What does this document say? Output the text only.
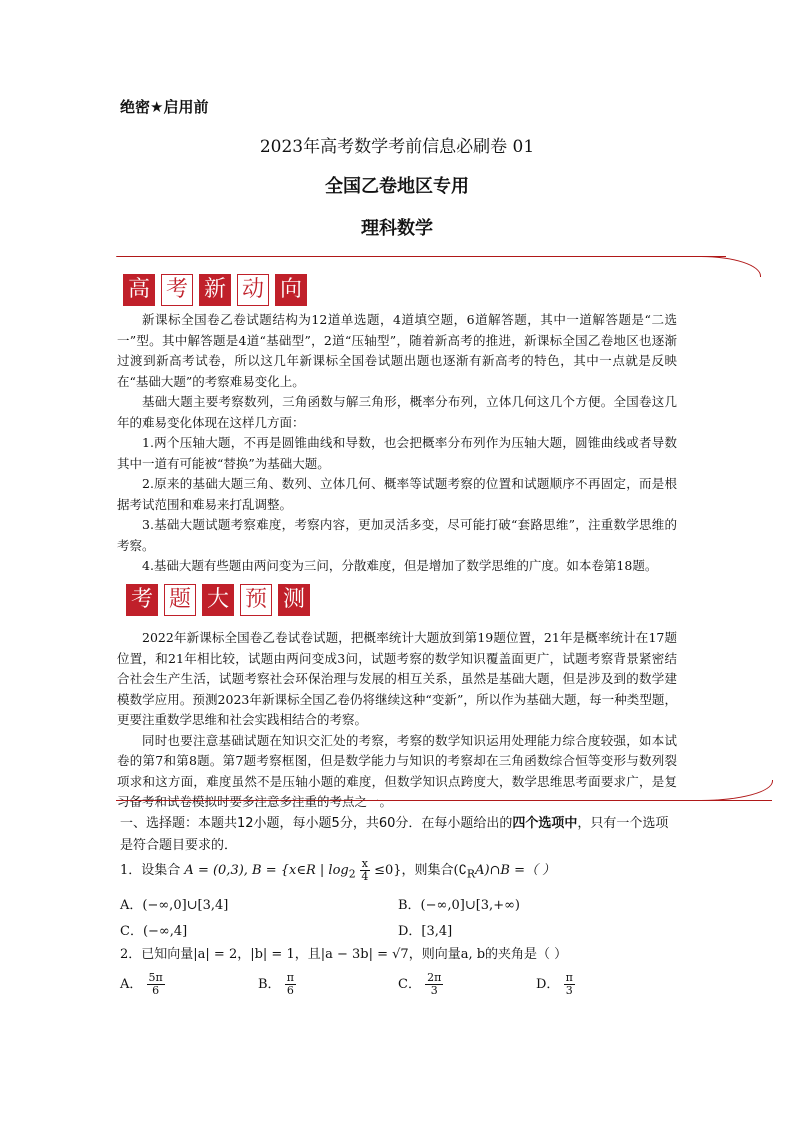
绝密★启用前
2023年高考数学考前信息必刷卷 01
全国乙卷地区专用
理科数学
高 考 新 动 向

新课标全国卷乙卷试题结构为12道单选题，4道填空题，6道解答题，其中一道解答题是“二选一”型。其中解答题是4道“基础型”，2道“压轴型”，随着新高考的推进，新课标全国乙卷地区也逐渐过渡到新高考试卷，所以这几年新课标全国卷试题出题也逐渐有新高考的特色，其中一点就是反映在“基础大题”的考察难易变化上。

基础大题主要考察数列，三角函数与解三角形，概率分布列，立体几何这几个方便。全国卷这几年的难易变化体现在这样几方面：

1.两个压轴大题，不再是圆锥曲线和导数，也会把概率分布列作为压轴大题，圆锥曲线或者导数其中一道有可能被“替换”为基础大题。

2.原来的基础大题三角、数列、立体几何、概率等试题考察的位置和试题顺序不再固定，而是根据考试范围和难易来打乱调整。

3.基础大题试题考察难度，考察内容，更加灵活多变，尽可能打破“套路思维”，注重数学思维的考察。

4.基础大题有些题由两问变为三问，分散难度，但是增加了数学思维的广度。如本卷第18题。

考 题 大 预 测

2022年新课标全国卷乙卷试卷试题，把概率统计大题放到第19题位置，21年是概率统计在17题位置，和21年相比较，试题由两问变成3问，试题考察的数学知识覆盖面更广，试题考察背景紧密结合社会生产生活，试题考察社会环保治理与发展的相互关系，虽然是基础大题，但是涉及到的数学建模数学应用。预测2023年新课标全国乙卷仍将继续这种“变新”，所以作为基础大题，每一种类型题，更要注重数学思维和社会实践相结合的考察。

同时也要注意基础试题在知识交汇处的考察，考察的数学知识运用处理能力综合度较强，如本试卷的第7和第8题。第7题考察框图，但是数学能力与知识的考察却在三角函数综合恒等变形与数列裂项求和这方面，难度虽然不是压轴小题的难度，但数学知识点跨度大，数学思维思考面要求广，是复习备考和试卷模拟时要多注意多注重的考点之一。

一、选择题：本题共12小题，每小题5分，共60分．在每小题给出的四个选项中，只有一个选项是符合题目要求的．
1．设集合 A = (0,3), B = {x∈R | $\log_2 \frac{x}{4} \le 0$}，则集合$(∁_RA)\cap B$ =（ ）
A．(−∞,0]∪[3,4]	B．(−∞,0]∪[3,+∞)
C．(−∞,4]	D．[3,4]
2．已知向量|a| = 2，|b| = 1，且|a − 3b| = √7，则向量a, b的夹角是（ ）
A． $\frac{5\pi}{6}$	B． $\frac{\pi}{6}$	C． $\frac{2\pi}{3}$	D． $\frac{\pi}{3}$
